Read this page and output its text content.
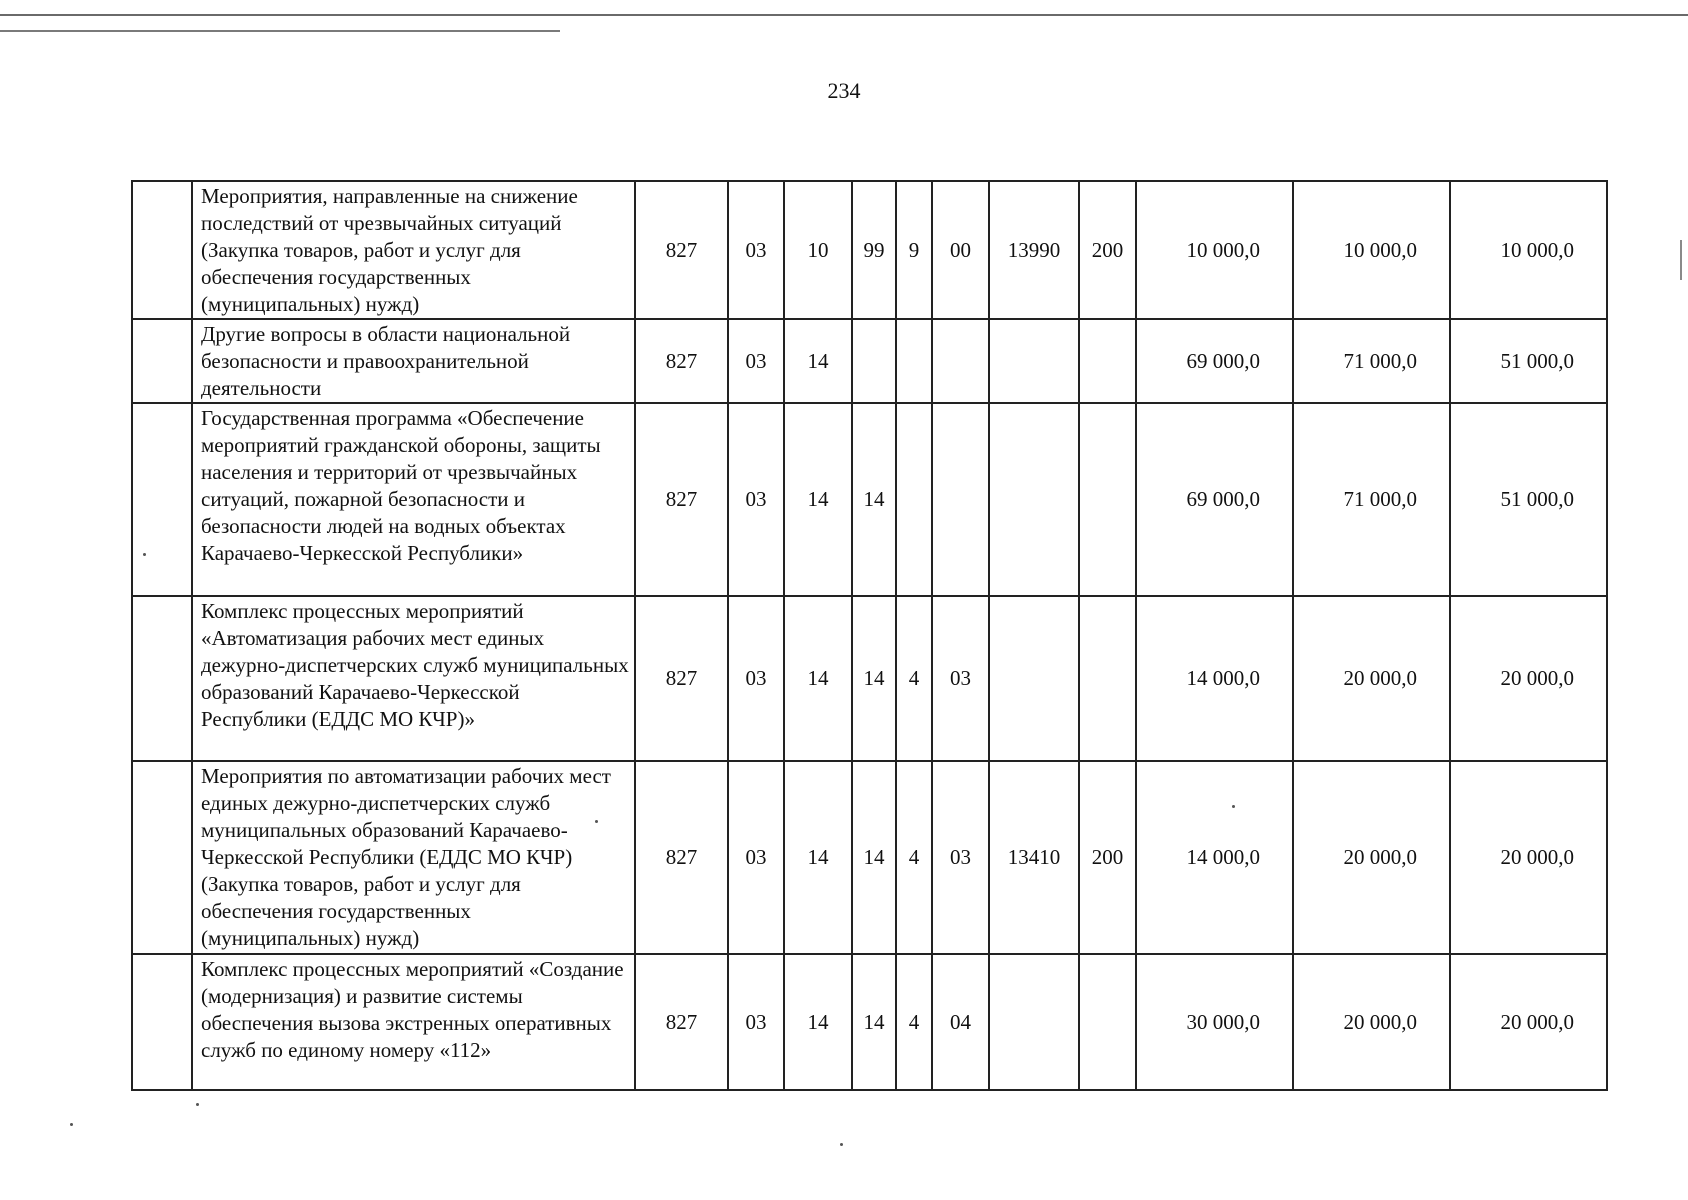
234
	Мероприятия, направленные на снижение последствий от чрезвычайных ситуаций (Закупка товаров, работ и услуг для обеспечения государственных (муниципальных) нужд)	827	03	10	99	9	00	13990	200	10 000,0	10 000,0	10 000,0
	Другие вопросы в области национальной безопасности и правоохранительной деятельности	827	03	14						69 000,0	71 000,0	51 000,0
	Государственная программа «Обеспечение мероприятий гражданской обороны, защиты населения и территорий от чрезвычайных ситуаций, пожарной безопасности и безопасности людей на водных объектах Карачаево-Черкесской Республики»	827	03	14	14					69 000,0	71 000,0	51 000,0
	Комплекс процессных мероприятий «Автоматизация рабочих мест единых дежурно-диспетчерских служб муниципальных образований Карачаево-Черкесской Республики (ЕДДС МО КЧР)»	827	03	14	14	4	03			14 000,0	20 000,0	20 000,0
	Мероприятия по автоматизации рабочих мест единых дежурно-диспетчерских служб муниципальных образований Карачаево-Черкесской Республики (ЕДДС МО КЧР) (Закупка товаров, работ и услуг для обеспечения государственных (муниципальных) нужд)	827	03	14	14	4	03	13410	200	14 000,0	20 000,0	20 000,0
	Комплекс процессных мероприятий «Создание (модернизация) и развитие системы обеспечения вызова экстренных оперативных служб по единому номеру «112»	827	03	14	14	4	04			30 000,0	20 000,0	20 000,0
